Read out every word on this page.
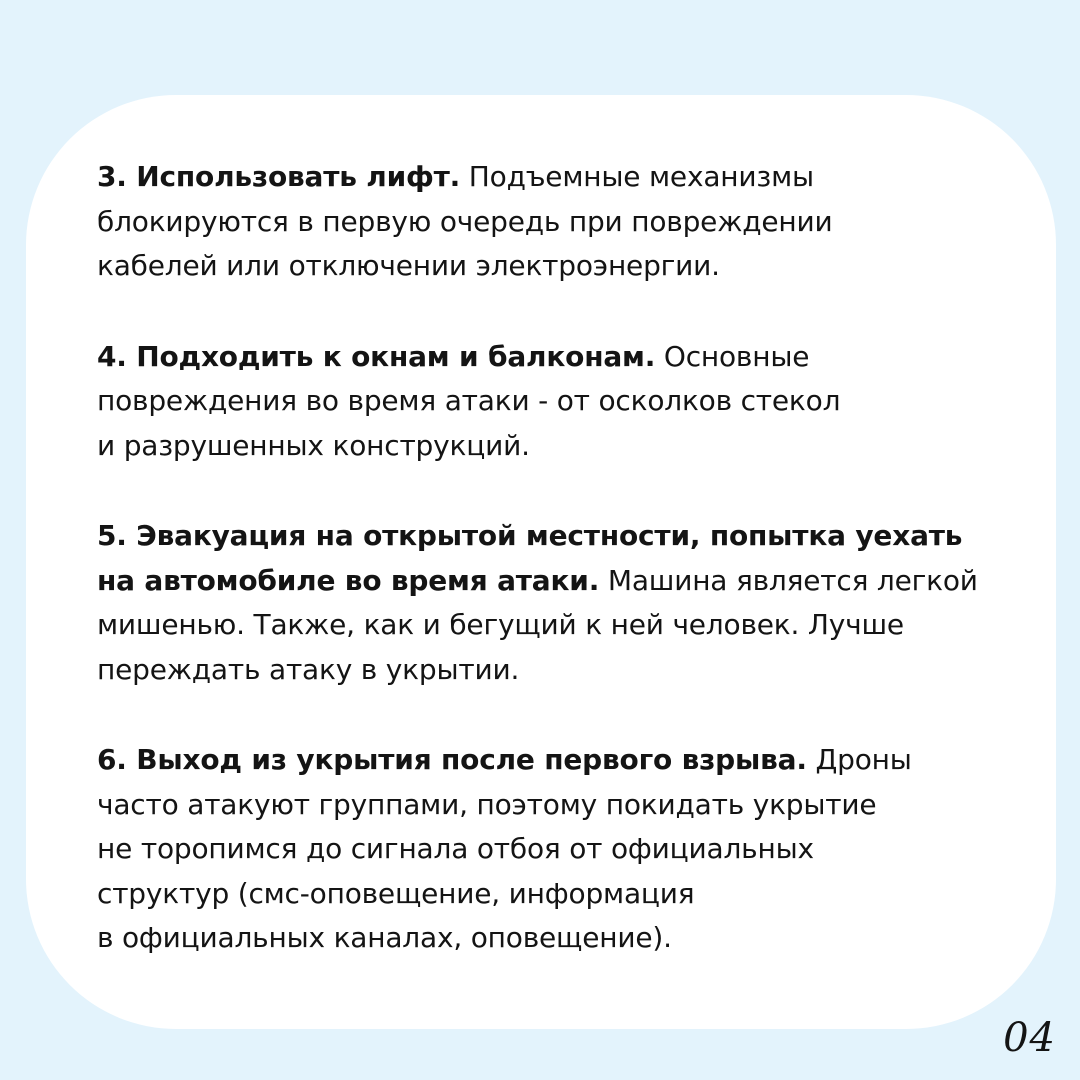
3. Использовать лифт. Подъемные механизмы
блокируются в первую очередь при повреждении
кабелей или отключении электроэнергии.
4. Подходить к окнам и балконам. Основные
повреждения во время атаки - от осколков стекол
и разрушенных конструкций.
5. Эвакуация на открытой местности, попытка уехать
на автомобиле во время атаки. Машина является легкой
мишенью. Также, как и бегущий к ней человек. Лучше
переждать атаку в укрытии.
6. Выход из укрытия после первого взрыва. Дроны
часто атакуют группами, поэтому покидать укрытие
не торопимся до сигнала отбоя от официальных
структур (смс-оповещение, информация
в официальных каналах, оповещение).
04
